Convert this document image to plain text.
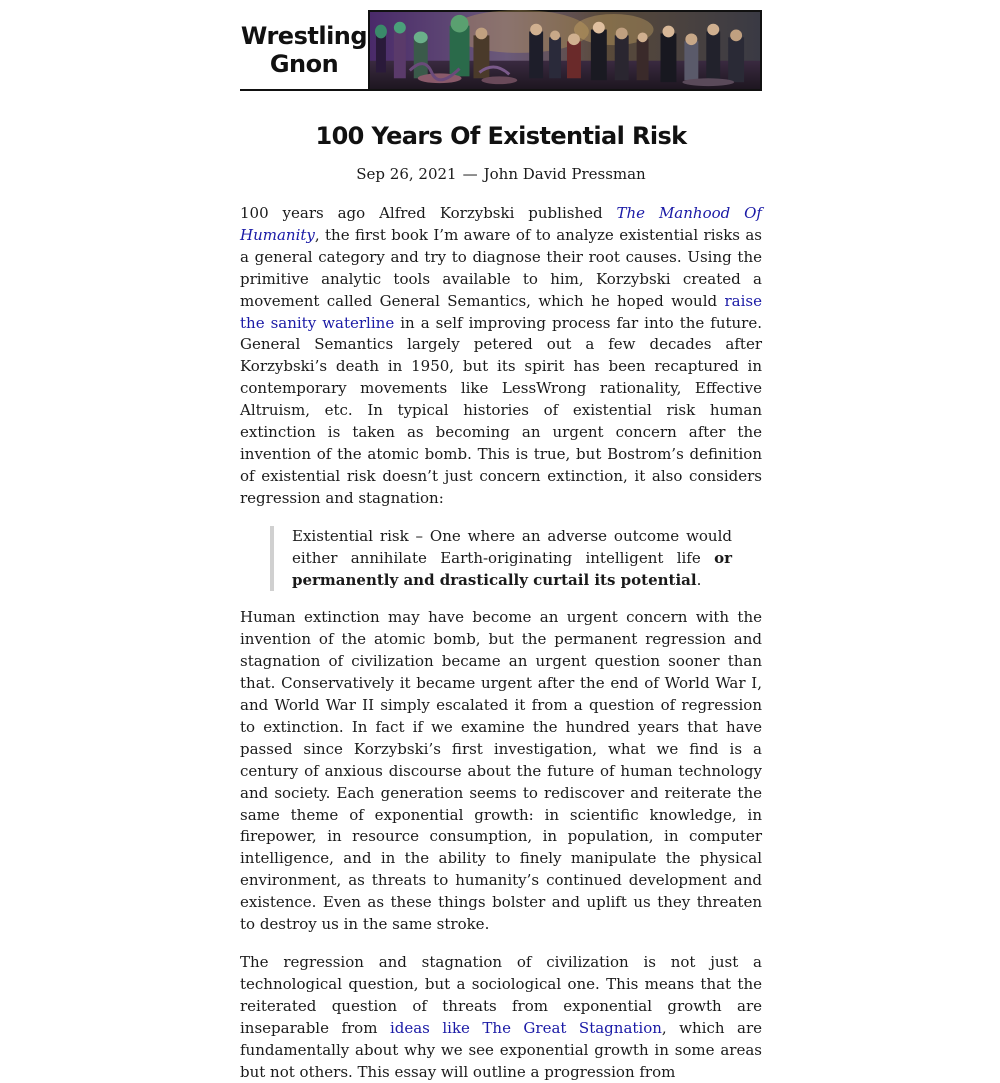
Wrestling
Gnon
100 Years Of Existential Risk
Sep 26, 2021 — John David Pressman

100 years ago Alfred Korzybski published The Manhood Of Humanity, the first book I’m aware of to analyze existential risks as a general category and try to diagnose their root causes. Using the primitive analytic tools available to him, Korzybski created a movement called General Semantics, which he hoped would raise the sanity waterline in a self improving process far into the future. General Semantics largely petered out a few decades after Korzybski’s death in 1950, but its spirit has been recaptured in contemporary movements like LessWrong rationality, Effective Altruism, etc. In typical histories of existential risk human extinction is taken as becoming an urgent concern after the invention of the atomic bomb. This is true, but Bostrom’s definition of existential risk doesn’t just concern extinction, it also considers regression and stagnation:

Existential risk – One where an adverse outcome would either annihilate Earth-originating intelligent life or permanently and drastically curtail its potential.

Human extinction may have become an urgent concern with the invention of the atomic bomb, but the permanent regression and stagnation of civilization became an urgent question sooner than that. Conservatively it became urgent after the end of World War I, and World War II simply escalated it from a question of regression to extinction. In fact if we examine the hundred years that have passed since Korzybski’s first investigation, what we find is a century of anxious discourse about the future of human technology and society. Each generation seems to rediscover and reiterate the same theme of exponential growth: in scientific knowledge, in firepower, in resource consumption, in population, in computer intelligence, and in the ability to finely manipulate the physical environment, as threats to humanity’s continued development and existence. Even as these things bolster and uplift us they threaten to destroy us in the same stroke.

The regression and stagnation of civilization is not just a technological question, but a sociological one. This means that the reiterated question of threats from exponential growth are inseparable from ideas like The Great Stagnation, which are fundamentally about why we see exponential growth in some areas but not others. This essay will outline a progression from
